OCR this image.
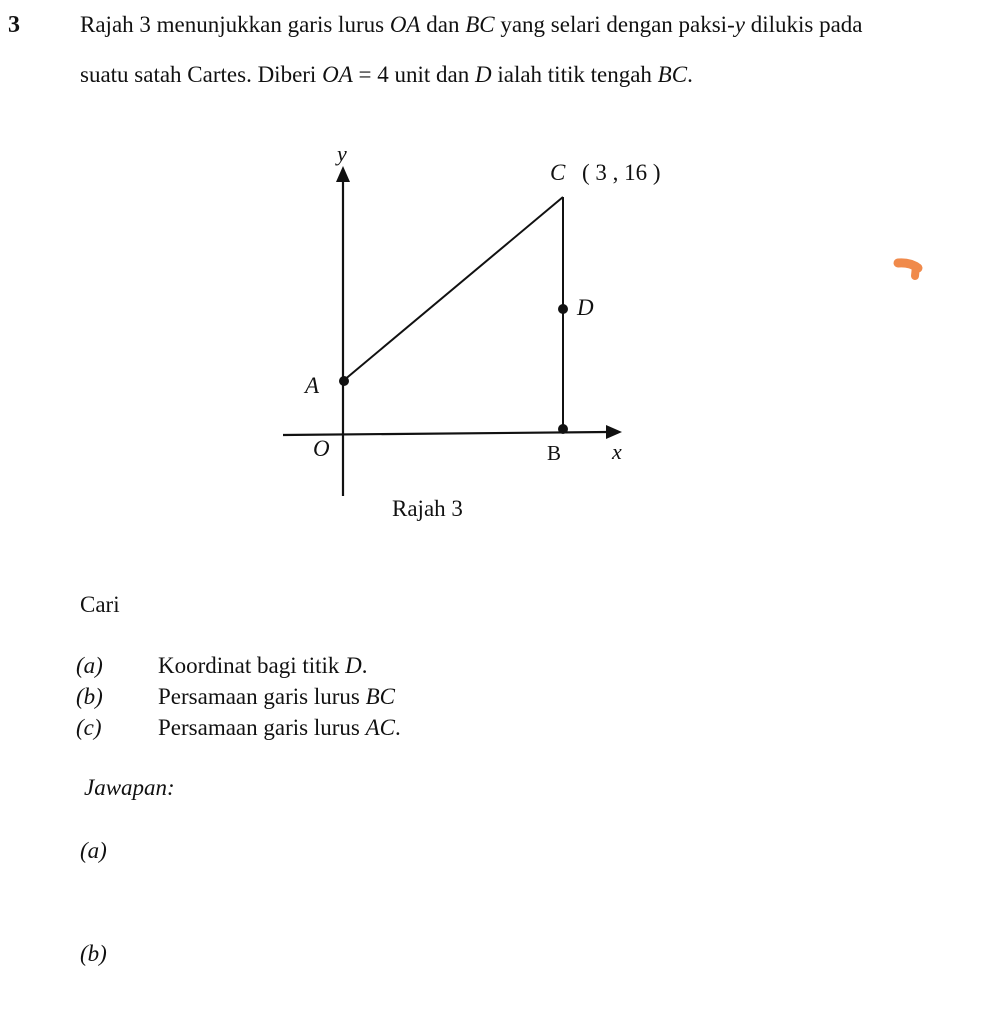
3	Rajah 3 menunjukkan garis lurus OA dan BC yang selari dengan paksi-y dilukis pada
suatu satah Cartes. Diberi OA = 4 unit dan D ialah titik tengah BC.
y
x
C ( 3 , 16 )
D
A
O	B
Rajah 3
Cari
(a) Koordinat bagi titik D.
(b) Persamaan garis lurus BC
(c) Persamaan garis lurus AC.
Jawapan:
(a)
(b)
